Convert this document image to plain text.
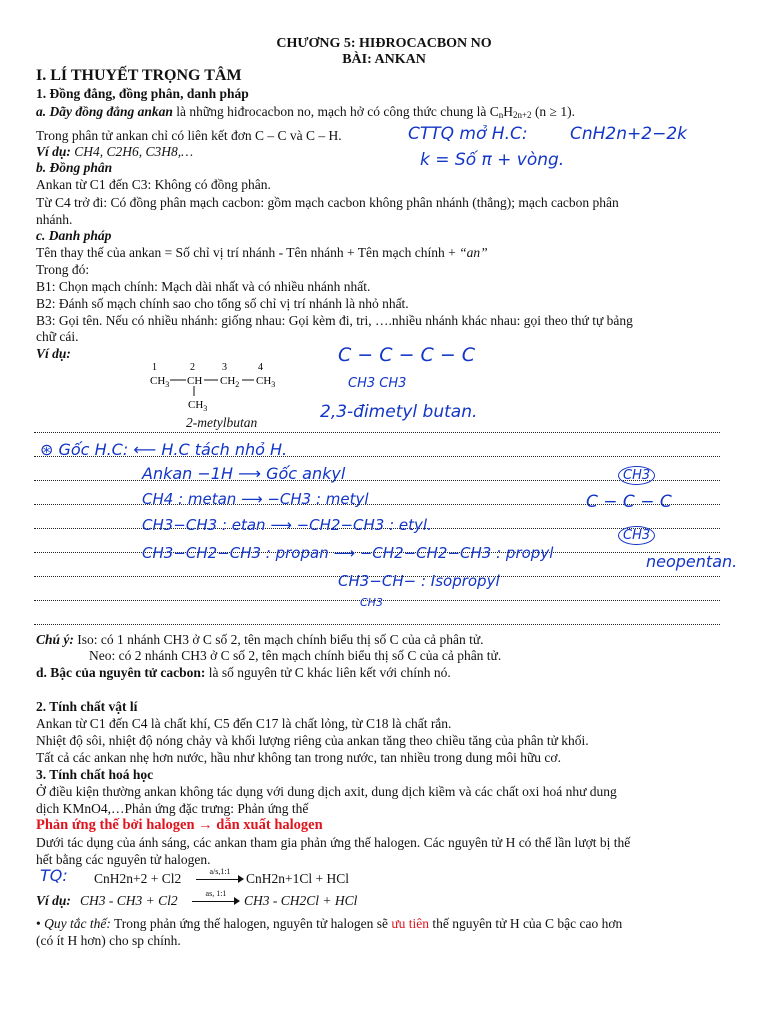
CHƯƠNG 5: HIĐROCACBON NO
BÀI: ANKAN
I. LÍ THUYẾT TRỌNG TÂM
1. Đồng đẳng, đồng phân, danh pháp
a. Dãy đồng đẳng ankan là những hiđrocacbon no, mạch hở có công thức chung là $C_nH_{2n+2}$ (n ≥ 1).
Trong phân tử ankan chỉ có liên kết đơn C – C và C – H.
Ví dụ: CH4, C2H6, C3H8,…
b. Đồng phân
Ankan từ C1 đến C3: Không có đồng phân.
Từ C4 trở đi: Có đồng phân mạch cacbon: gồm mạch cacbon không phân nhánh (thẳng); mạch cacbon phân
nhánh.
c. Danh pháp
Tên thay thế của ankan = Số chỉ vị trí nhánh - Tên nhánh + Tên mạch chính + “an”
Trong đó:
B1: Chọn mạch chính: Mạch dài nhất và có nhiều nhánh nhất.
B2: Đánh số mạch chính sao cho tổng số chỉ vị trí nhánh là nhỏ nhất.
B3: Gọi tên. Nếu có nhiều nhánh: giống nhau: Gọi kèm đi, tri, ….nhiều nhánh khác nhau: gọi theo thứ tự bảng
chữ cái.
Ví dụ:
1	2	3	4
$CH_3$ CH $CH_2$ $CH_3$
$CH_3$
2-metylbutan
CTTQ mở H.C: CnH2n+2−2k
k = Số π + vòng.
C − C − C − C
CH3 CH3
2,3-đimetyl butan.
⊛ Gốc H.C: ⟵ H.C tách nhỏ H.
Ankan −1H ⟶ Gốc ankyl
CH4 : metan ⟶ −CH3 : metyl
CH3−CH3 : etan ⟶ −CH2−CH3 : etyl.
CH3−CH2−CH3 : propan ⟶ −CH2−CH2−CH3 : propyl
CH3−CH− : Isopropyl
CH3
CH3
C − C − C
CH3
neopentan.
Chú ý: Iso: có 1 nhánh CH3 ở C số 2, tên mạch chính biểu thị số C của cả phân tử.
Neo: có 2 nhánh CH3 ở C số 2, tên mạch chính biểu thị số C của cả phân tử.
d. Bậc của nguyên tử cacbon: là số nguyên tử C khác liên kết với chính nó.
2. Tính chất vật lí
Ankan từ C1 đến C4 là chất khí, C5 đến C17 là chất lỏng, từ C18 là chất rắn.
Nhiệt độ sôi, nhiệt độ nóng chảy và khối lượng riêng của ankan tăng theo chiều tăng của phân tử khối.
Tất cả các ankan nhẹ hơn nước, hầu như không tan trong nước, tan nhiều trong dung môi hữu cơ.
3. Tính chất hoá học
Ở điều kiện thường ankan không tác dụng với dung dịch axit, dung dịch kiềm và các chất oxi hoá như dung
dịch KMnO4,…Phản ứng đặc trưng: Phản ứng thế
Phản ứng thế bởi halogen → dẫn xuất halogen
Dưới tác dụng của ánh sáng, các ankan tham gia phản ứng thế halogen. Các nguyên tử H có thể lần lượt bị thế
hết bằng các nguyên tử halogen.
TQ: CnH2n+2 + Cl2	a/s,1:1	CnH2n+1Cl + HCl
Ví dụ: CH3 - CH3 + Cl2	as, 1:1	CH3 - CH2Cl + HCl
• Quy tắc thế: Trong phản ứng thế halogen, nguyên tử halogen sẽ ưu tiên thế nguyên tử H của C bậc cao hơn
(có ít H hơn) cho sp chính.
